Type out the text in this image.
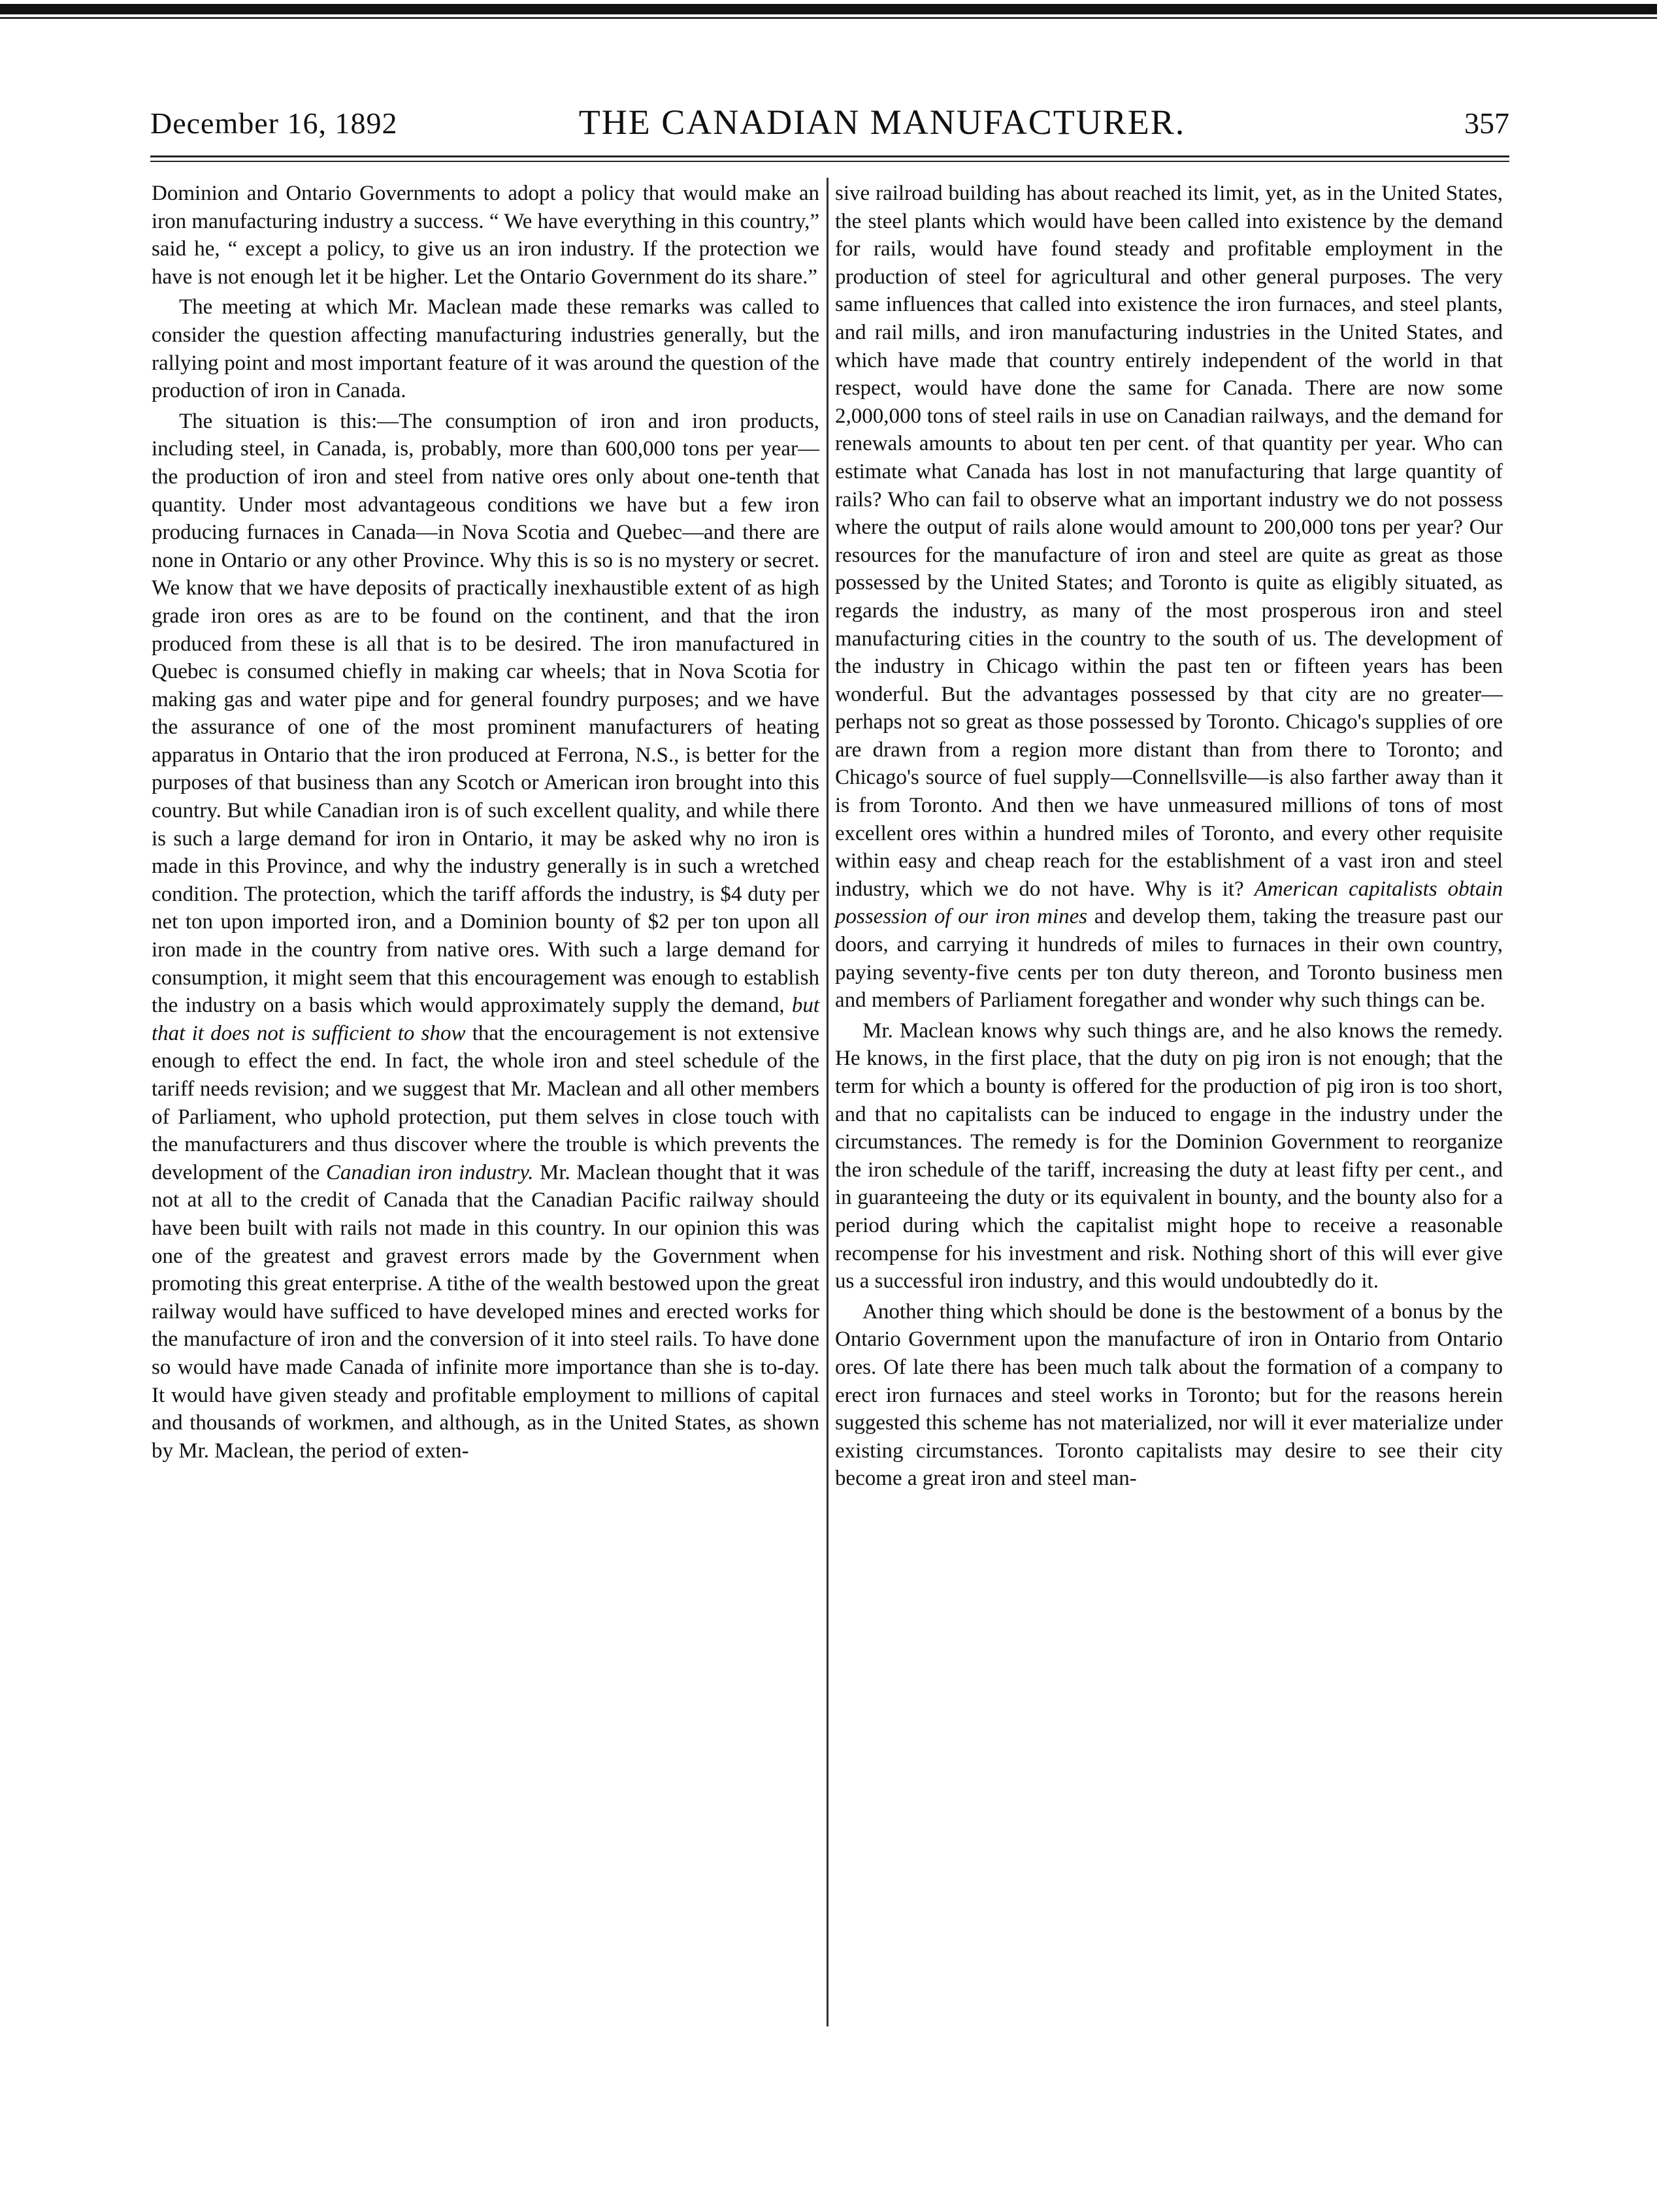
December 16, 1892	THE CANADIAN MANUFACTURER.	357

Dominion and Ontario Governments to adopt a policy that would make an iron manufacturing industry a success. “ We have everything in this country,” said he, “ except a policy, to give us an iron industry. If the protection we have is not enough let it be higher. Let the Ontario Government do its share.”

The meeting at which Mr. Maclean made these remarks was called to consider the question affecting manufacturing industries generally, but the rallying point and most important feature of it was around the question of the production of iron in Canada.

The situation is this:—The consumption of iron and iron products, including steel, in Canada, is, probably, more than 600,000 tons per year—the production of iron and steel from native ores only about one-tenth that quantity. Under most advantageous conditions we have but a few iron producing furnaces in Canada—in Nova Scotia and Quebec—and there are none in Ontario or any other Province. Why this is so is no mystery or secret. We know that we have deposits of practically inexhaustible extent of as high grade iron ores as are to be found on the continent, and that the iron produced from these is all that is to be desired. The iron manufactured in Quebec is consumed chiefly in making car wheels; that in Nova Scotia for making gas and water pipe and for general foundry purposes; and we have the assurance of one of the most prominent manufacturers of heating apparatus in Ontario that the iron produced at Ferrona, N.S., is better for the purposes of that business than any Scotch or American iron brought into this country. But while Canadian iron is of such excellent quality, and while there is such a large demand for iron in Ontario, it may be asked why no iron is made in this Province, and why the industry generally is in such a wretched condition. The protection, which the tariff affords the industry, is $4 duty per net ton upon imported iron, and a Dominion bounty of $2 per ton upon all iron made in the country from native ores. With such a large demand for consumption, it might seem that this encouragement was enough to establish the industry on a basis which would approximately supply the demand, but that it does not is sufficient to show that the encouragement is not extensive enough to effect the end. In fact, the whole iron and steel schedule of the tariff needs revision; and we suggest that Mr. Maclean and all other members of Parliament, who uphold protection, put them selves in close touch with the manufacturers and thus discover where the trouble is which prevents the development of the Canadian iron industry. Mr. Maclean thought that it was not at all to the credit of Canada that the Canadian Pacific railway should have been built with rails not made in this country. In our opinion this was one of the greatest and gravest errors made by the Government when promoting this great enterprise. A tithe of the wealth bestowed upon the great railway would have sufficed to have developed mines and erected works for the manufacture of iron and the conversion of it into steel rails. To have done so would have made Canada of infinite more importance than she is to-day. It would have given steady and profitable employment to millions of capital and thousands of workmen, and although, as in the United States, as shown by Mr. Maclean, the period of exten-

sive railroad building has about reached its limit, yet, as in the United States, the steel plants which would have been called into existence by the demand for rails, would have found steady and profitable employment in the production of steel for agricultural and other general purposes. The very same influences that called into existence the iron furnaces, and steel plants, and rail mills, and iron manufacturing industries in the United States, and which have made that country entirely independent of the world in that respect, would have done the same for Canada. There are now some 2,000,000 tons of steel rails in use on Canadian railways, and the demand for renewals amounts to about ten per cent. of that quantity per year. Who can estimate what Canada has lost in not manufacturing that large quantity of rails? Who can fail to observe what an important industry we do not possess where the output of rails alone would amount to 200,000 tons per year? Our resources for the manufacture of iron and steel are quite as great as those possessed by the United States; and Toronto is quite as eligibly situated, as regards the industry, as many of the most prosperous iron and steel manufacturing cities in the country to the south of us. The development of the industry in Chicago within the past ten or fifteen years has been wonderful. But the advantages possessed by that city are no greater—perhaps not so great as those possessed by Toronto. Chicago's supplies of ore are drawn from a region more distant than from there to Toronto; and Chicago's source of fuel supply—Connellsville—is also farther away than it is from Toronto. And then we have unmeasured millions of tons of most excellent ores within a hundred miles of Toronto, and every other requisite within easy and cheap reach for the establishment of a vast iron and steel industry, which we do not have. Why is it? American capitalists obtain possession of our iron mines and develop them, taking the treasure past our doors, and carrying it hundreds of miles to furnaces in their own country, paying seventy-five cents per ton duty thereon, and Toronto business men and members of Parliament foregather and wonder why such things can be.

Mr. Maclean knows why such things are, and he also knows the remedy. He knows, in the first place, that the duty on pig iron is not enough; that the term for which a bounty is offered for the production of pig iron is too short, and that no capitalists can be induced to engage in the industry under the circumstances. The remedy is for the Dominion Government to reorganize the iron schedule of the tariff, increasing the duty at least fifty per cent., and in guaranteeing the duty or its equivalent in bounty, and the bounty also for a period during which the capitalist might hope to receive a reasonable recompense for his investment and risk. Nothing short of this will ever give us a successful iron industry, and this would undoubtedly do it.

Another thing which should be done is the bestowment of a bonus by the Ontario Government upon the manufacture of iron in Ontario from Ontario ores. Of late there has been much talk about the formation of a company to erect iron furnaces and steel works in Toronto; but for the reasons herein suggested this scheme has not materialized, nor will it ever materialize under existing circumstances. Toronto capitalists may desire to see their city become a great iron and steel man-
